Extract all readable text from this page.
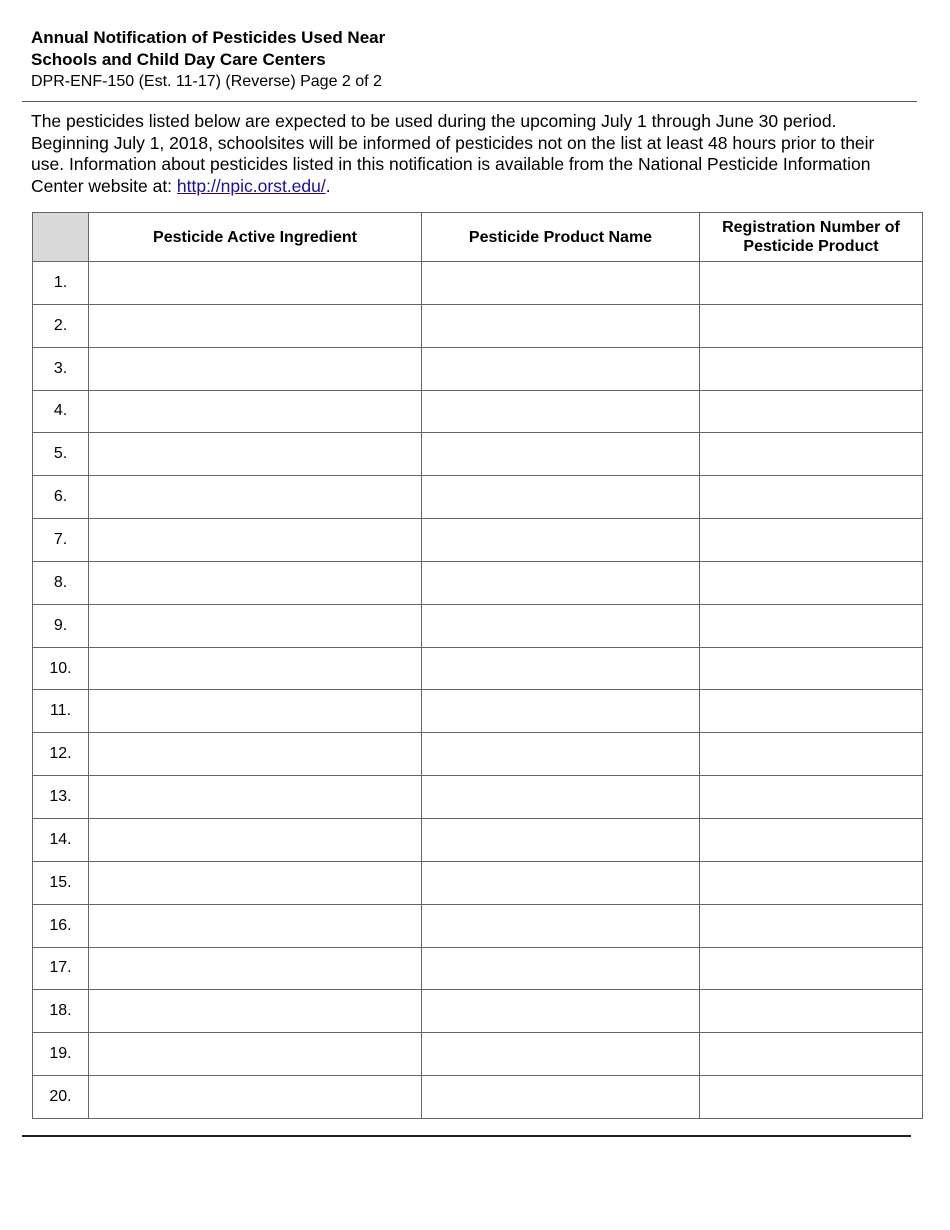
Annual Notification of Pesticides Used Near

Schools and Child Day Care Centers

DPR-ENF-150 (Est. 11-17) (Reverse) Page 2 of 2

The pesticides listed below are expected to be used during the upcoming July 1 through June 30 period. Beginning July 1, 2018, schoolsites will be informed of pesticides not on the list at least 48 hours prior to their use. Information about pesticides listed in this notification is available from the National Pesticide Information Center website at: http://npic.orst.edu/.

	Pesticide Active Ingredient	Pesticide Product Name	Registration Number of Pesticide Product
1.			
2.			
3.			
4.			
5.			
6.			
7.			
8.			
9.			
10.			
11.			
12.			
13.			
14.			
15.			
16.			
17.			
18.			
19.			
20.			
